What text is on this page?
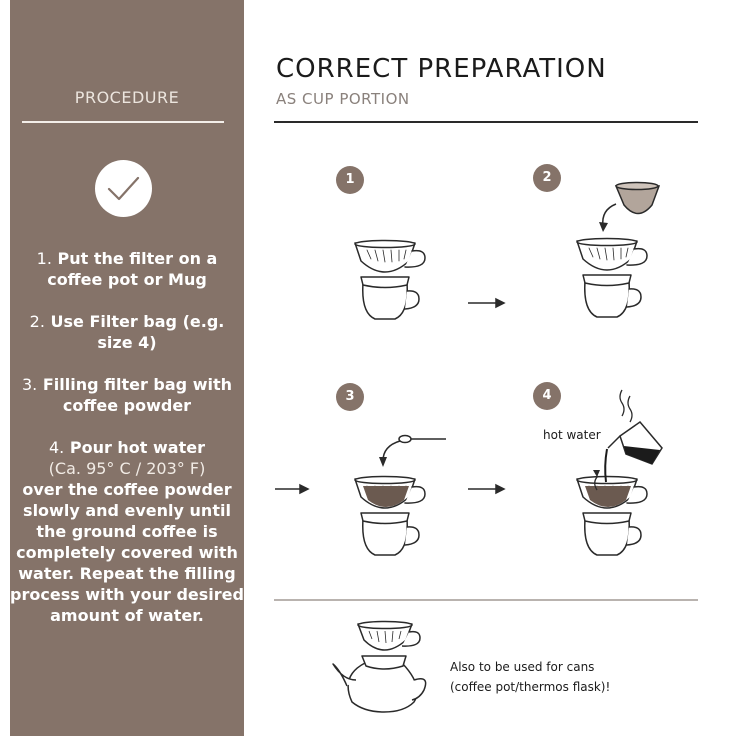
PROCEDURE
1. Put the filter on a coffee pot or Mug
2. Use Filter bag (e.g. size 4)
3. Filling filter bag with coffee powder
4. Pour hot water
(Ca. 95° C / 203° F)
over the coffee powder slowly and evenly until the ground coffee is completely covered with water. Repeat the filling process with your desired amount of water.
CORRECT PREPARATION
AS CUP PORTION
1	2
3	4
hot water
Also to be used for cans
(coffee pot/thermos flask)!
